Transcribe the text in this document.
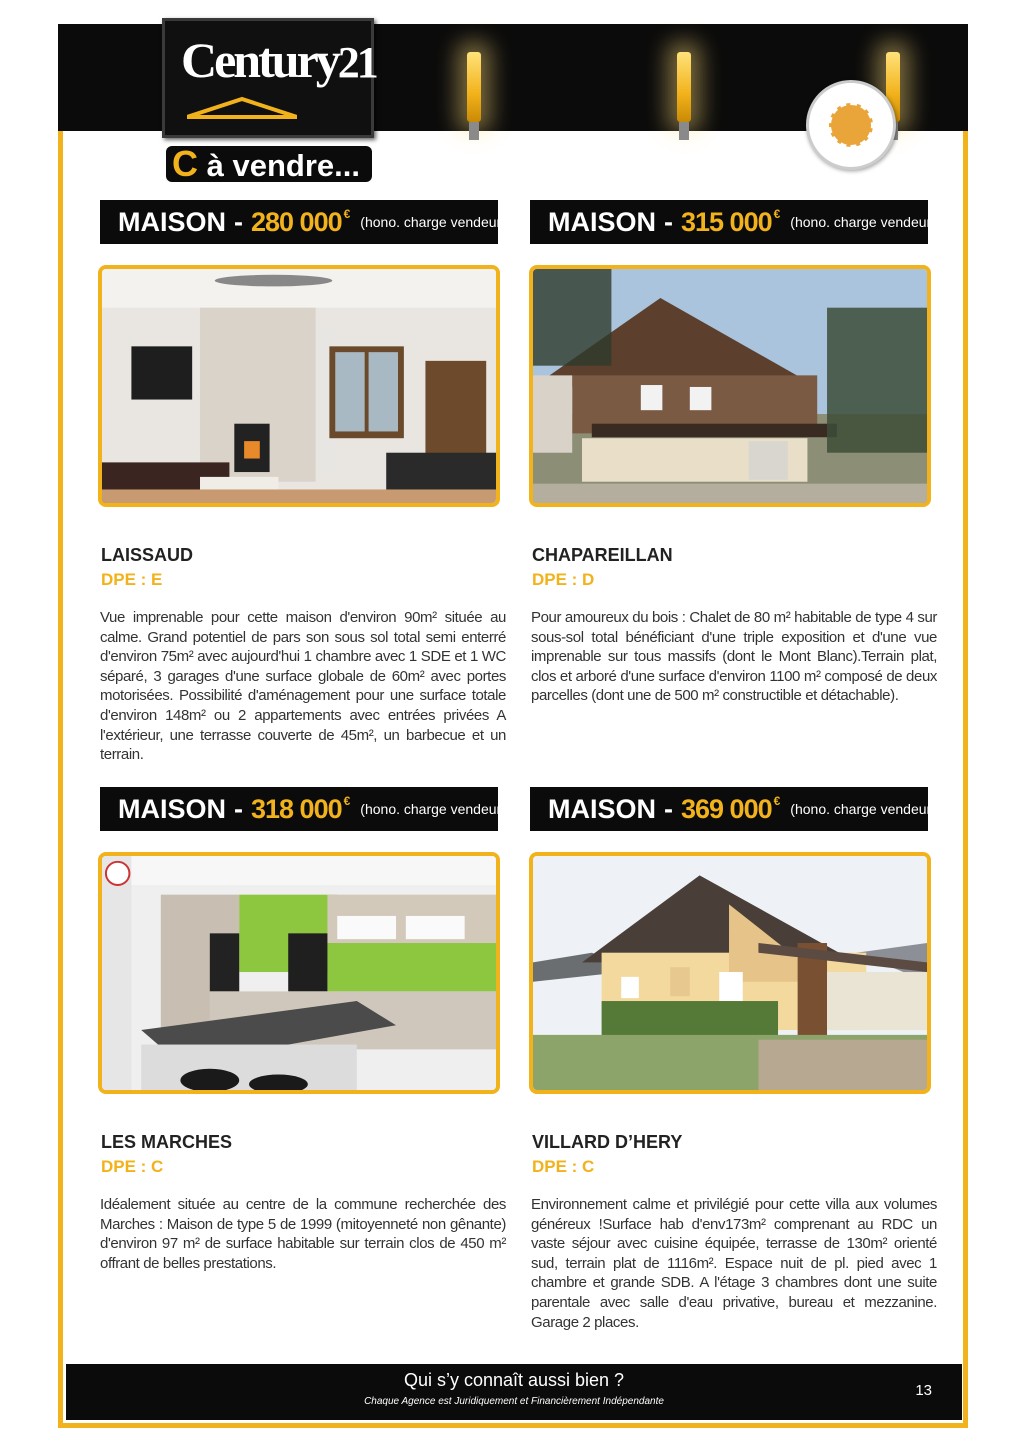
Century21
C à vendre...
MAISON - 280 000 € (hono. charge vendeur)
LAISSAUD
DPE : E
Vue imprenable pour cette maison d'environ 90m² située au calme. Grand potentiel de pars son sous sol total semi enterré d'environ 75m² avec aujourd'hui 1 chambre avec 1 SDE et 1 WC séparé, 3 garages d'une surface globale de 60m² avec portes motorisées. Possibilité d'aménagement pour une surface totale d'environ 148m² ou 2 appartements avec entrées privées A l'extérieur, une terrasse couverte de 45m², un barbecue et un terrain.
MAISON - 315 000 € (hono. charge vendeur)
CHAPAREILLAN
DPE : D
Pour amoureux du bois : Chalet de 80 m² habitable de type 4 sur sous-sol total bénéficiant d'une triple exposition et d'une vue imprenable sur tous massifs (dont le Mont Blanc).Terrain plat, clos et arboré d'une surface d'environ 1100 m² composé de deux parcelles (dont une de 500 m² constructible et détachable).
MAISON - 318 000 € (hono. charge vendeur)
LES MARCHES
DPE : C
Idéalement située au centre de la commune recherchée des Marches : Maison de type 5 de 1999 (mitoyenneté non gênante) d'environ 97 m² de surface habitable sur terrain clos de 450 m² offrant de belles prestations.
MAISON - 369 000 € (hono. charge vendeur)
VILLARD D’HERY
DPE : C
Environnement calme et privilégié pour cette villa aux volumes généreux !Surface hab d'env173m² comprenant au RDC un vaste séjour avec cuisine équipée, terrasse de 130m² orienté sud, terrain plat de 1116m². Espace nuit de pl. pied avec 1 chambre et grande SDB. A l'étage 3 chambres dont une suite parentale avec salle d'eau privative, bureau et mezzanine. Garage 2 places.
Qui s’y connaît aussi bien ?
Chaque Agence est Juridiquement et Financièrement Indépendante
13
